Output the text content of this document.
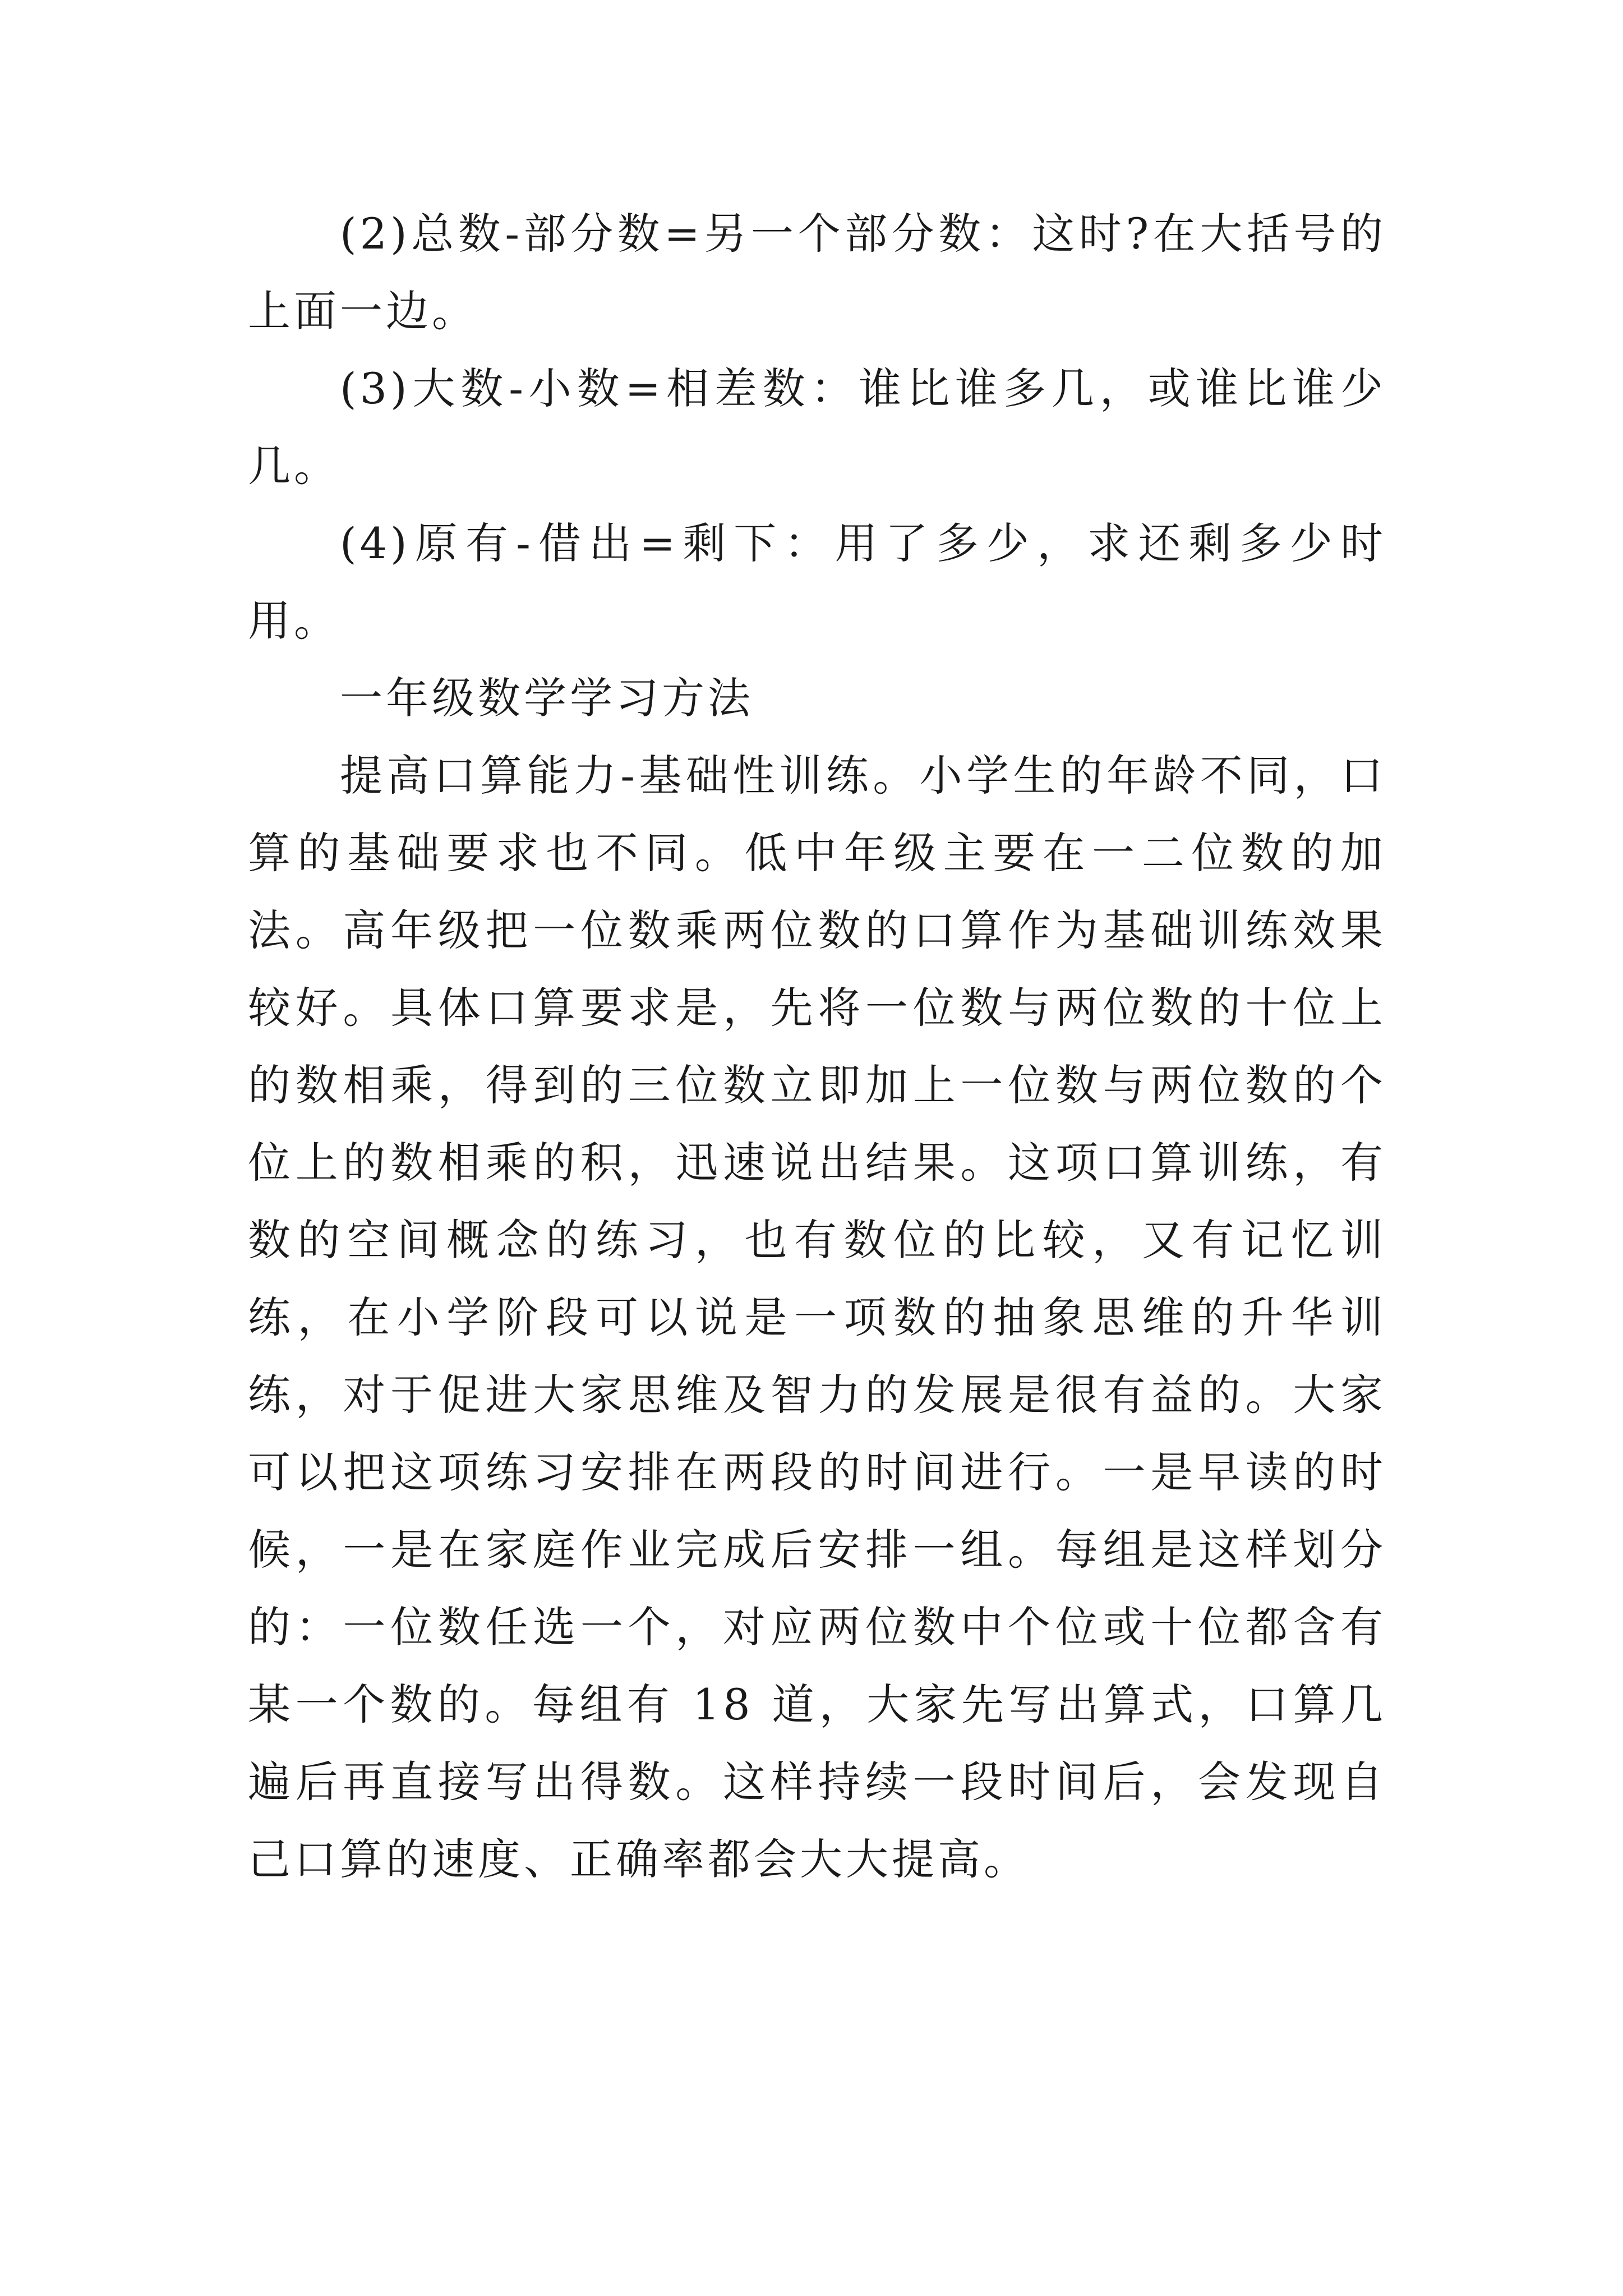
(2)总数-部分数=另一个部分数：这时?在大括号的上面一边。

(3)大数-小数=相差数：谁比谁多几，或谁比谁少几。

(4)原有-借出=剩下：用了多少，求还剩多少时用。

一年级数学学习方法

提高口算能力-基础性训练。小学生的年龄不同，口算的基础要求也不同。低中年级主要在一二位数的加法。高年级把一位数乘两位数的口算作为基础训练效果较好。具体口算要求是，先将一位数与两位数的十位上的数相乘，得到的三位数立即加上一位数与两位数的个位上的数相乘的积，迅速说出结果。这项口算训练，有数的空间概念的练习，也有数位的比较，又有记忆训练，在小学阶段可以说是一项数的抽象思维的升华训练，对于促进大家思维及智力的发展是很有益的。大家可以把这项练习安排在两段的时间进行。一是早读的时候，一是在家庭作业完成后安排一组。每组是这样划分的：一位数任选一个，对应两位数中个位或十位都含有某一个数的。每组有 18 道，大家先写出算式，口算几遍后再直接写出得数。这样持续一段时间后，会发现自己口算的速度、正确率都会大大提高。
